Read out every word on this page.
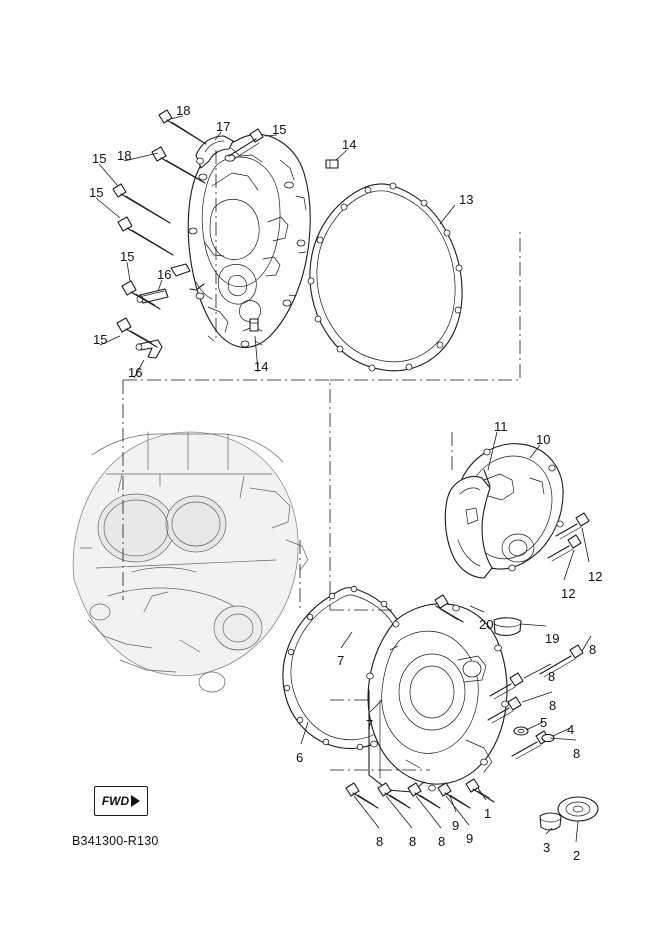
18
17	15
18
14
15
15	13
15
16
15
16	14
11
10
12
12
20
19
8
7
8
8
7	5 4
8
6
1
9
3
2
8 8 8 9
FWD
B341300-R130
